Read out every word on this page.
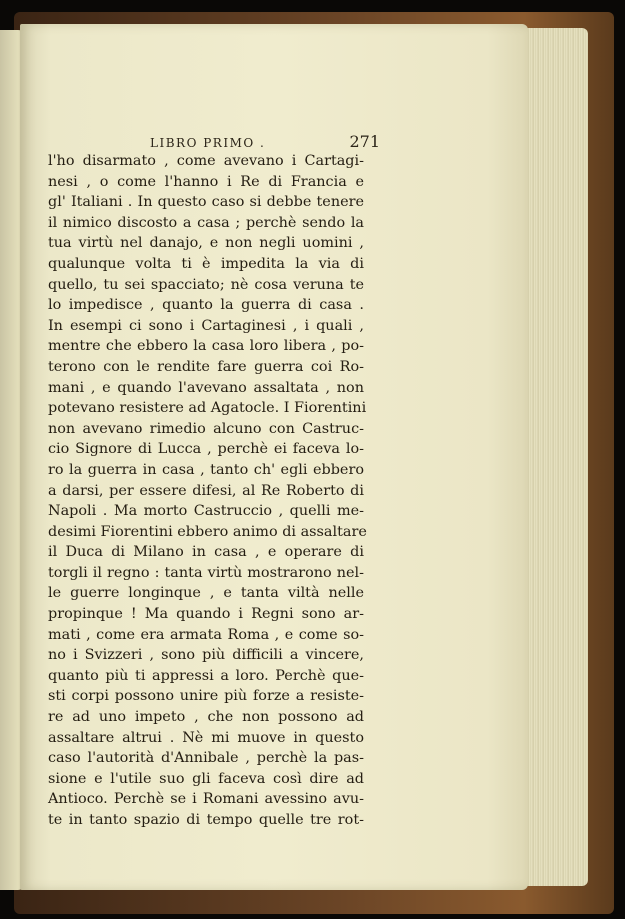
LIBRO PRIMO .	271
l'ho disarmato , come avevano i Cartagi-
nesi , o come l'hanno i Re di Francia e
gl' Italiani . In questo caso si debbe tenere
il nimico discosto a casa ; perchè sendo la
tua virtù nel danajo, e non negli uomini ,
qualunque volta ti è impedita la via di
quello, tu sei spacciato; nè cosa veruna te
lo impedisce , quanto la guerra di casa .
In esempi ci sono i Cartaginesi , i quali ,
mentre che ebbero la casa loro libera , po-
terono con le rendite fare guerra coi Ro-
mani , e quando l'avevano assaltata , non
potevano resistere ad Agatocle. I Fiorentini
non avevano rimedio alcuno con Castruc-
cio Signore di Lucca , perchè ei faceva lo-
ro la guerra in casa , tanto ch' egli ebbero
a darsi, per essere difesi, al Re Roberto di
Napoli . Ma morto Castruccio , quelli me-
desimi Fiorentini ebbero animo di assaltare
il Duca di Milano in casa , e operare di
torgli il regno : tanta virtù mostrarono nel-
le guerre longinque , e tanta viltà nelle
propinque ! Ma quando i Regni sono ar-
mati , come era armata Roma , e come so-
no i Svizzeri , sono più difficili a vincere,
quanto più ti appressi a loro. Perchè que-
sti corpi possono unire più forze a resiste-
re ad uno impeto , che non possono ad
assaltare altrui . Nè mi muove in questo
caso l'autorità d'Annibale , perchè la pas-
sione e l'utile suo gli faceva così dire ad
Antioco. Perchè se i Romani avessino avu-
te in tanto spazio di tempo quelle tre rot-
